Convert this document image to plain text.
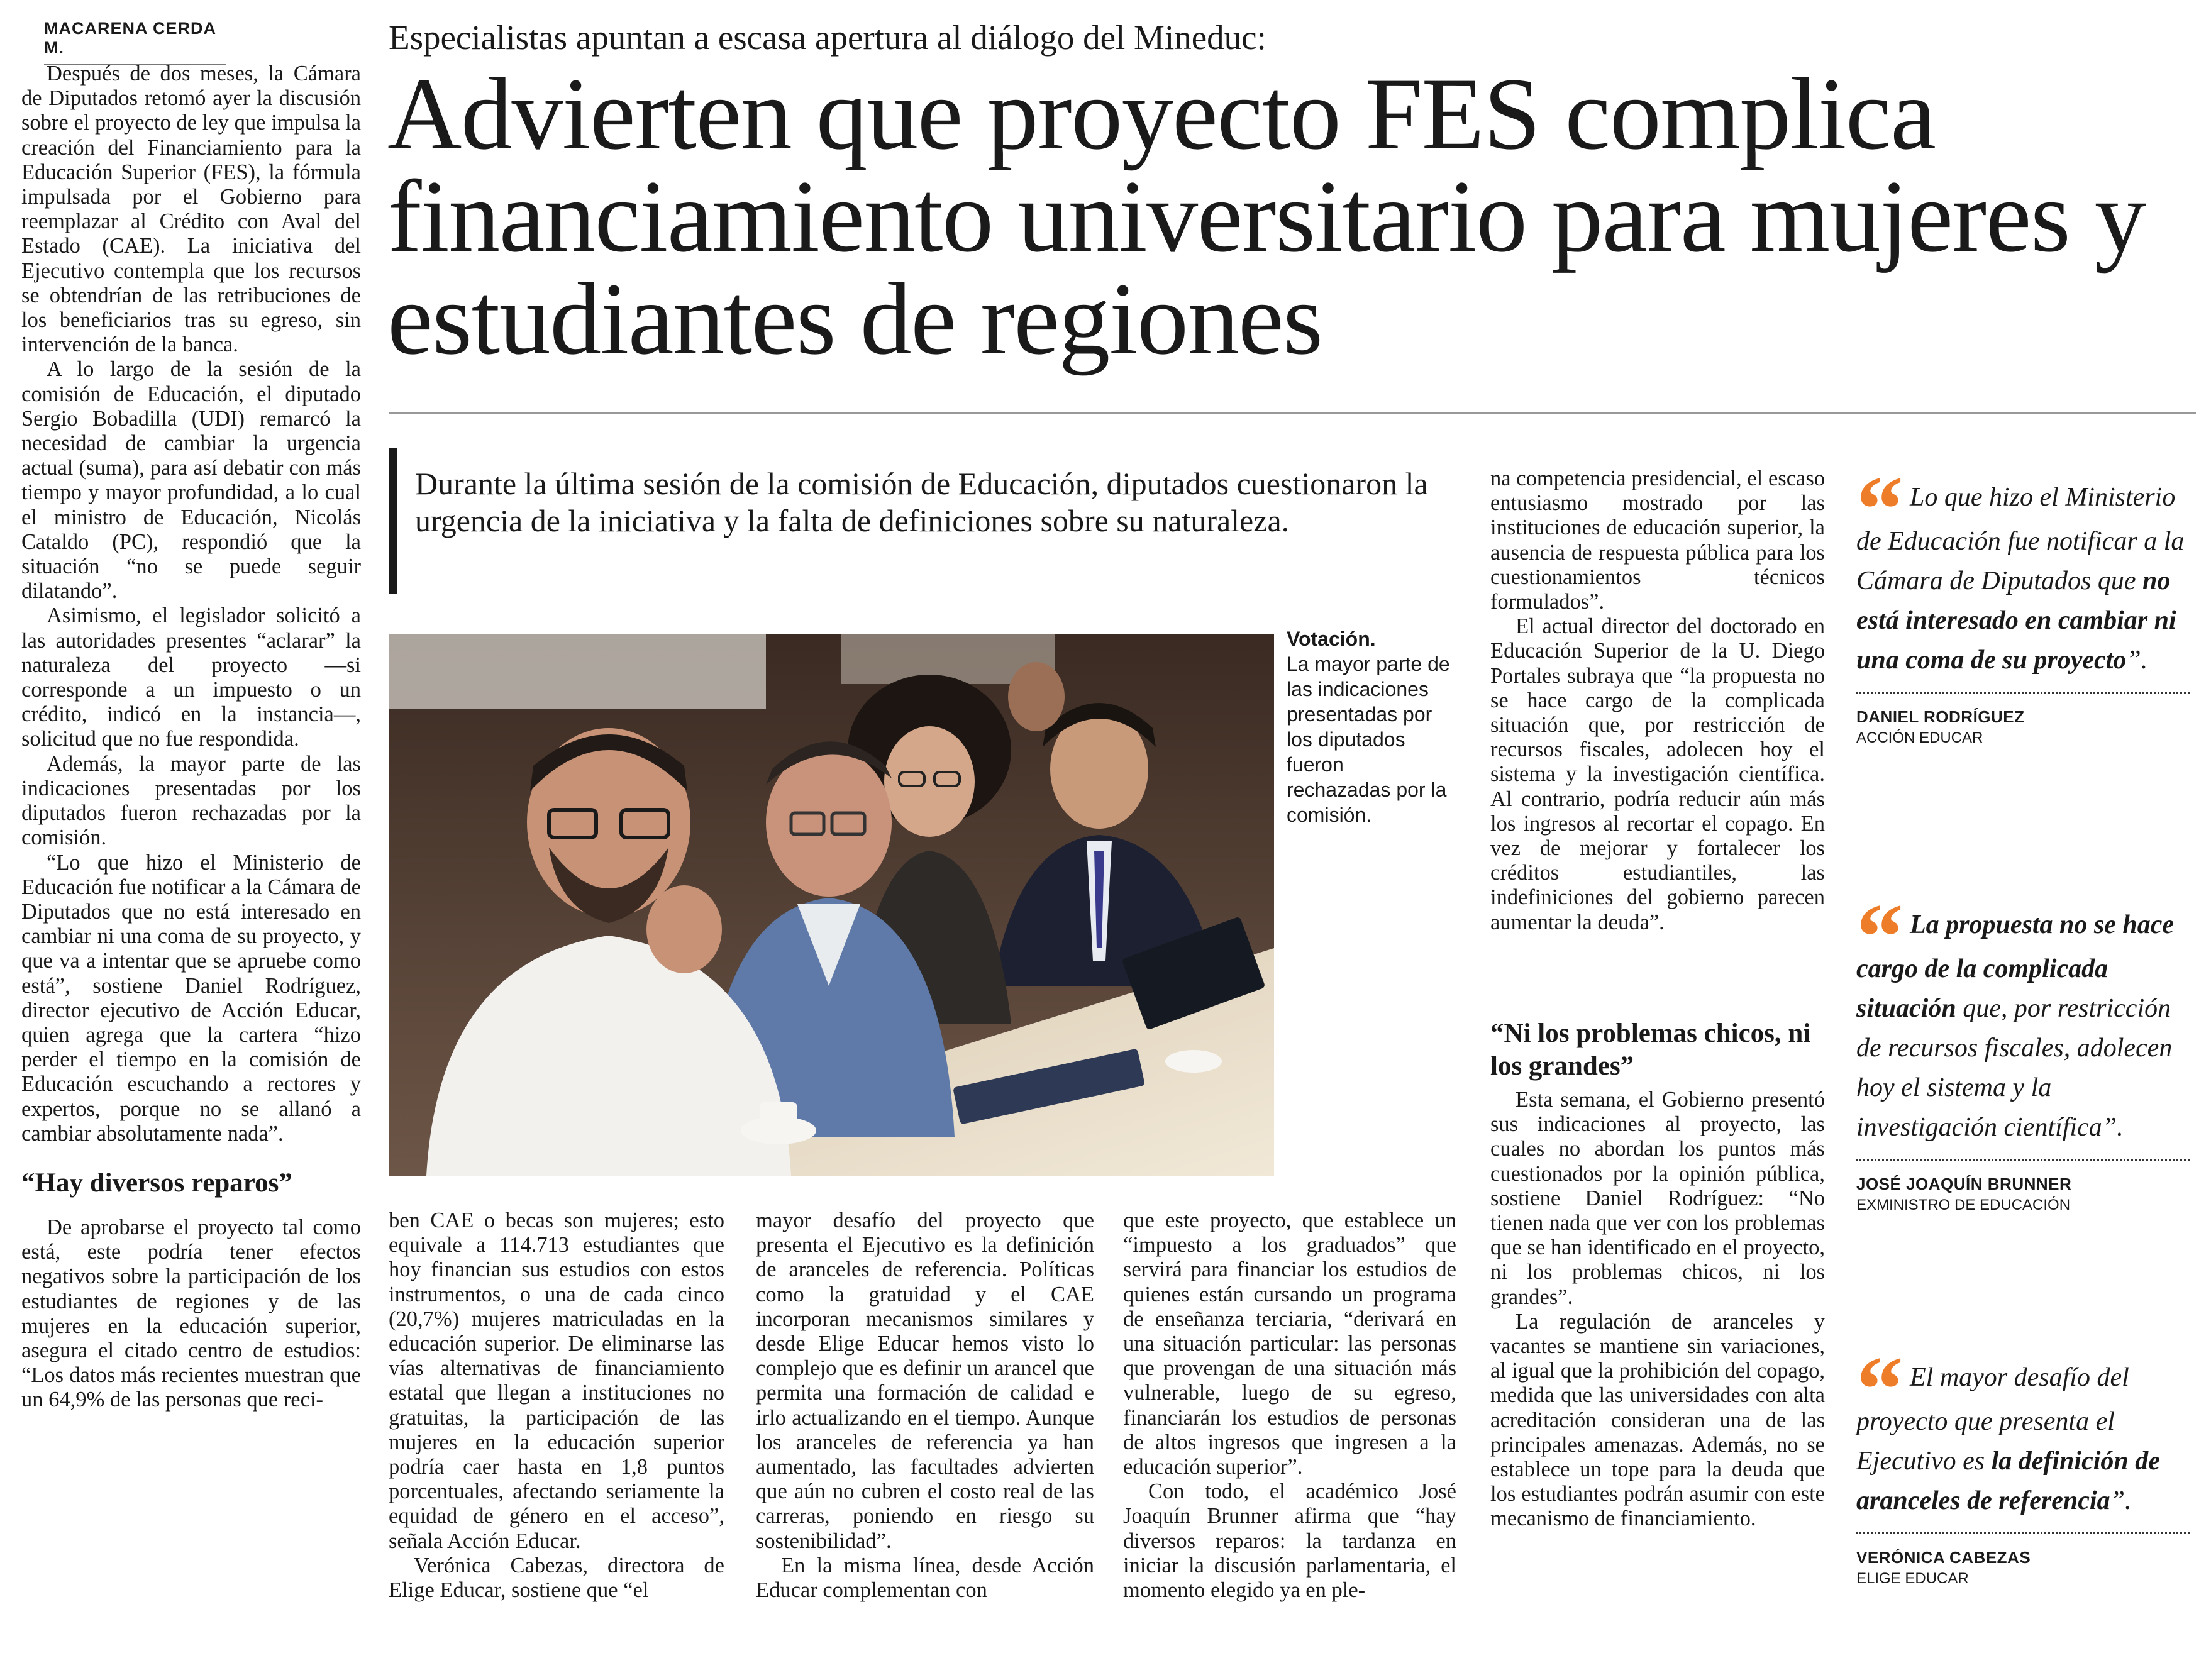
MACARENA CERDA M.

Después de dos meses, la Cámara de Diputados retomó ayer la discusión sobre el proyecto de ley que impulsa la creación del Financiamiento para la Educación Superior (FES), la fórmula impulsada por el Gobierno para reemplazar al Crédito con Aval del Estado (CAE). La iniciativa del Ejecutivo contempla que los recursos se obtendrían de las retribuciones de los beneficiarios tras su egreso, sin intervención de la banca.

A lo largo de la sesión de la comisión de Educación, el diputado Sergio Bobadilla (UDI) remarcó la necesidad de cambiar la urgencia actual (suma), para así debatir con más tiempo y mayor profundidad, a lo cual el ministro de Educación, Nicolás Cataldo (PC), respondió que la situación “no se puede seguir dilatando”.

Asimismo, el legislador solicitó a las autoridades presentes “aclarar” la naturaleza del proyecto —si corresponde a un impuesto o un crédito, indicó en la instancia—, solicitud que no fue respondida.

Además, la mayor parte de las indicaciones presentadas por los diputados fueron rechazadas por la comisión.

“Lo que hizo el Ministerio de Educación fue notificar a la Cámara de Diputados que no está interesado en cambiar ni una coma de su proyecto, y que va a intentar que se apruebe como está”, sostiene Daniel Rodríguez, director ejecutivo de Acción Educar, quien agrega que la cartera “hizo perder el tiempo en la comisión de Educación escuchando a rectores y expertos, porque no se allanó a cambiar absolutamente nada”.

“Hay diversos reparos”

De aprobarse el proyecto tal como está, este podría tener efectos negativos sobre la participación de los estudiantes de regiones y de las mujeres en la educación superior, asegura el citado centro de estudios: “Los datos más recientes muestran que un 64,9% de las personas que reci-

Especialistas apuntan a escasa apertura al diálogo del Mineduc:
Advierten que proyecto FES complica financiamiento universitario para mujeres y estudiantes de regiones

Durante la última sesión de la comisión de Educación, diputados cuestionaron la urgencia de la iniciativa y la falta de definiciones sobre su naturaleza.

Votación.
La mayor parte de las indicaciones presentadas por los diputados fueron rechazadas por la comisión.

ben CAE o becas son mujeres; esto equivale a 114.713 estudiantes que hoy financian sus estudios con estos instrumentos, o una de cada cinco (20,7%) mujeres matriculadas en la educación superior. De eliminarse las vías alternativas de financiamiento estatal que llegan a instituciones no gratuitas, la participación de las mujeres en la educación superior podría caer hasta en 1,8 puntos porcentuales, afectando seriamente la equidad de género en el acceso”, señala Acción Educar.

Verónica Cabezas, directora de Elige Educar, sostiene que “el

mayor desafío del proyecto que presenta el Ejecutivo es la definición de aranceles de referencia. Políticas como la gratuidad y el CAE incorporan mecanismos similares y desde Elige Educar hemos visto lo complejo que es definir un arancel que permita una formación de calidad e irlo actualizando en el tiempo. Aunque los aranceles de referencia ya han aumentado, las facultades advierten que aún no cubren el costo real de las carreras, poniendo en riesgo su sostenibilidad”.

En la misma línea, desde Acción Educar complementan con

que este proyecto, que establece un “impuesto a los graduados” que servirá para financiar los estudios de quienes están cursando un programa de enseñanza terciaria, “derivará en una situación particular: las personas que provengan de una situación más vulnerable, luego de su egreso, financiarán los estudios de personas de altos ingresos que ingresen a la educación superior”.

Con todo, el académico José Joaquín Brunner afirma que “hay diversos reparos: la tardanza en iniciar la discusión parlamentaria, el momento elegido ya en ple-

na competencia presidencial, el escaso entusiasmo mostrado por las instituciones de educación superior, la ausencia de respuesta pública para los cuestionamientos técnicos formulados”.

El actual director del doctorado en Educación Superior de la U. Diego Portales subraya que “la propuesta no se hace cargo de la complicada situación que, por restricción de recursos fiscales, adolecen hoy el sistema y la investigación científica. Al contrario, podría reducir aún más los ingresos al recortar el copago. En vez de mejorar y fortalecer los créditos estudiantiles, las indefiniciones del gobierno parecen aumentar la deuda”.

“Ni los problemas chicos, ni los grandes”

Esta semana, el Gobierno presentó sus indicaciones al proyecto, las cuales no abordan los puntos más cuestionados por la opinión pública, sostiene Daniel Rodríguez: “No tienen nada que ver con los problemas que se han identificado en el proyecto, ni los problemas chicos, ni los grandes”.

La regulación de aranceles y vacantes se mantiene sin variaciones, al igual que la prohibición del copago, medida que las universidades con alta acreditación consideran una de las principales amenazas. Además, no se establece un tope para la deuda que los estudiantes podrán asumir con este mecanismo de financiamiento.

“ Lo que hizo el Ministerio de Educación fue notificar a la Cámara de Diputados que no está interesado en cambiar ni una coma de su proyecto”.

DANIEL RODRÍGUEZ
ACCIÓN EDUCAR

“ La propuesta no se hace cargo de la complicada situación que, por restricción de recursos fiscales, adolecen hoy el sistema y la investigación científica”.

JOSÉ JOAQUÍN BRUNNER
EXMINISTRO DE EDUCACIÓN

“ El mayor desafío del proyecto que presenta el Ejecutivo es la definición de aranceles de referencia”.

VERÓNICA CABEZAS
ELIGE EDUCAR
